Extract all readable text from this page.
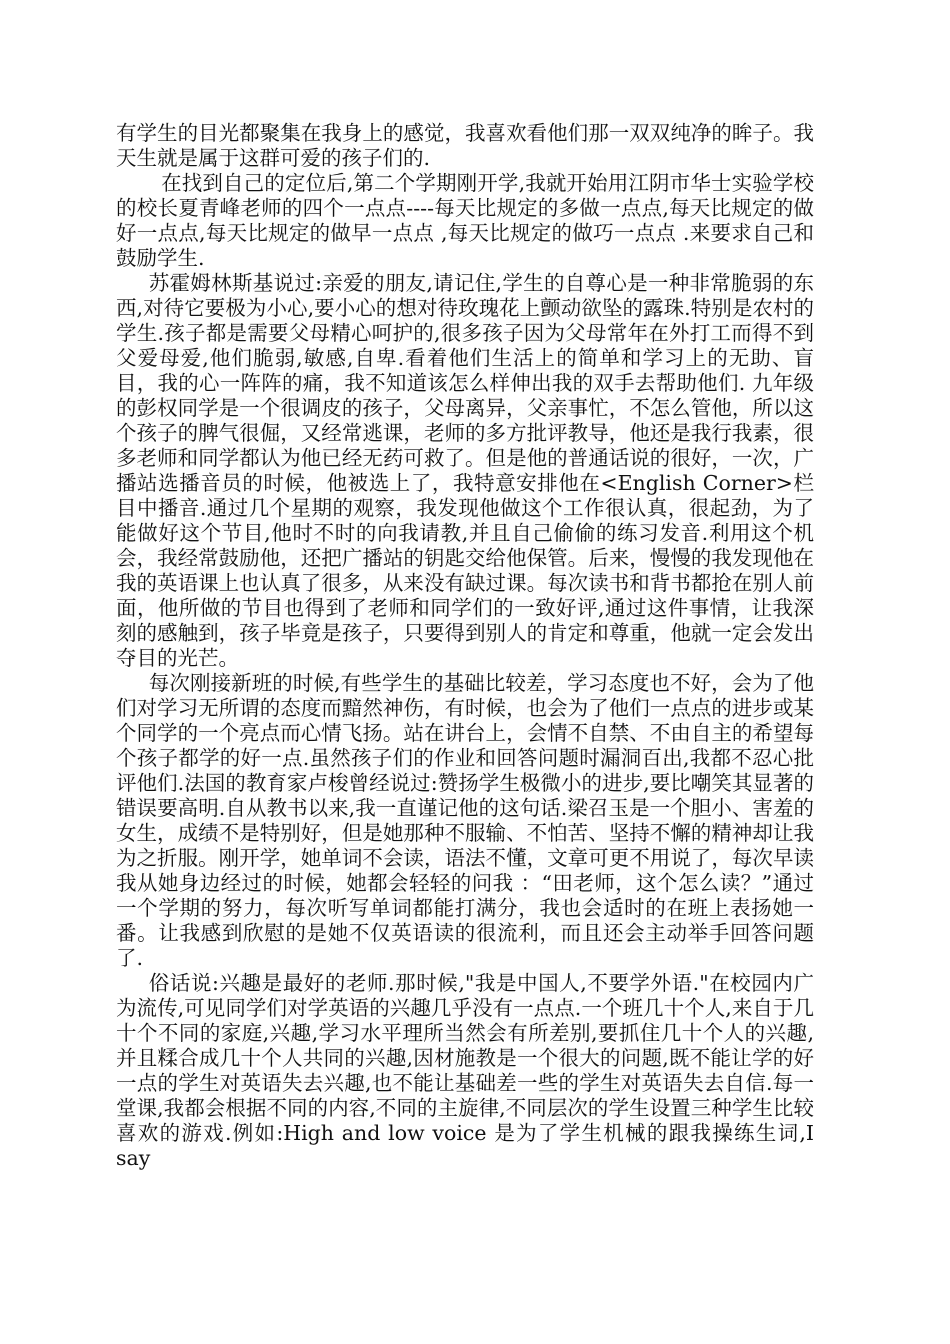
有学生的目光都聚集在我身上的感觉，我喜欢看他们那一双双纯净的眸子。我天生就是属于这群可爱的孩子们的.

在找到自己的定位后,第二个学期刚开学,我就开始用江阴市华士实验学校的校长夏青峰老师的四个一点点----每天比规定的多做一点点,每天比规定的做好一点点,每天比规定的做早一点点 ,每天比规定的做巧一点点 .来要求自己和鼓励学生.

苏霍姆林斯基说过:亲爱的朋友,请记住,学生的自尊心是一种非常脆弱的东西,对待它要极为小心,要小心的想对待玫瑰花上颤动欲坠的露珠.特别是农村的学生.孩子都是需要父母精心呵护的,很多孩子因为父母常年在外打工而得不到父爱母爱,他们脆弱,敏感,自卑.看着他们生活上的简单和学习上的无助、盲目，我的心一阵阵的痛，我不知道该怎么样伸出我的双手去帮助他们. 九年级的彭权同学是一个很调皮的孩子，父母离异，父亲事忙，不怎么管他，所以这个孩子的脾气很倔，又经常逃课，老师的多方批评教导，他还是我行我素，很多老师和同学都认为他已经无药可救了。但是他的普通话说的很好，一次，广播站选播音员的时候，他被选上了，我特意安排他在<English Corner>栏目中播音.通过几个星期的观察，我发现他做这个工作很认真，很起劲，为了能做好这个节目,他时不时的向我请教,并且自己偷偷的练习发音.利用这个机会，我经常鼓励他，还把广播站的钥匙交给他保管。后来，慢慢的我发现他在我的英语课上也认真了很多，从来没有缺过课。每次读书和背书都抢在别人前面，他所做的节目也得到了老师和同学们的一致好评,通过这件事情，让我深刻的感触到，孩子毕竟是孩子，只要得到别人的肯定和尊重，他就一定会发出夺目的光芒。

每次刚接新班的时候,有些学生的基础比较差，学习态度也不好，会为了他们对学习无所谓的态度而黯然神伤，有时候，也会为了他们一点点的进步或某个同学的一个亮点而心情飞扬。站在讲台上，会情不自禁、不由自主的希望每个孩子都学的好一点.虽然孩子们的作业和回答问题时漏洞百出,我都不忍心批评他们.法国的教育家卢梭曾经说过:赞扬学生极微小的进步,要比嘲笑其显著的错误要高明.自从教书以来,我一直谨记他的这句话.梁召玉是一个胆小、害羞的女生，成绩不是特别好，但是她那种不服输、不怕苦、坚持不懈的精神却让我为之折服。刚开学，她单词不会读，语法不懂，文章可更不用说了，每次早读我从她身边经过的时候，她都会轻轻的问我 ：“田老师，这个怎么读？”通过一个学期的努力，每次听写单词都能打满分，我也会适时的在班上表扬她一番。让我感到欣慰的是她不仅英语读的很流利，而且还会主动举手回答问题了.

俗话说:兴趣是最好的老师.那时候,"我是中国人,不要学外语."在校园内广为流传,可见同学们对学英语的兴趣几乎没有一点点.一个班几十个人,来自于几十个不同的家庭,兴趣,学习水平理所当然会有所差别,要抓住几十个人的兴趣,并且糅合成几十个人共同的兴趣,因材施教是一个很大的问题,既不能让学的好一点的学生对英语失去兴趣,也不能让基础差一些的学生对英语失去自信.每一堂课,我都会根据不同的内容,不同的主旋律,不同层次的学生设置三种学生比较喜欢的游戏.例如:High and low voice 是为了学生机械的跟我操练生词,I say
